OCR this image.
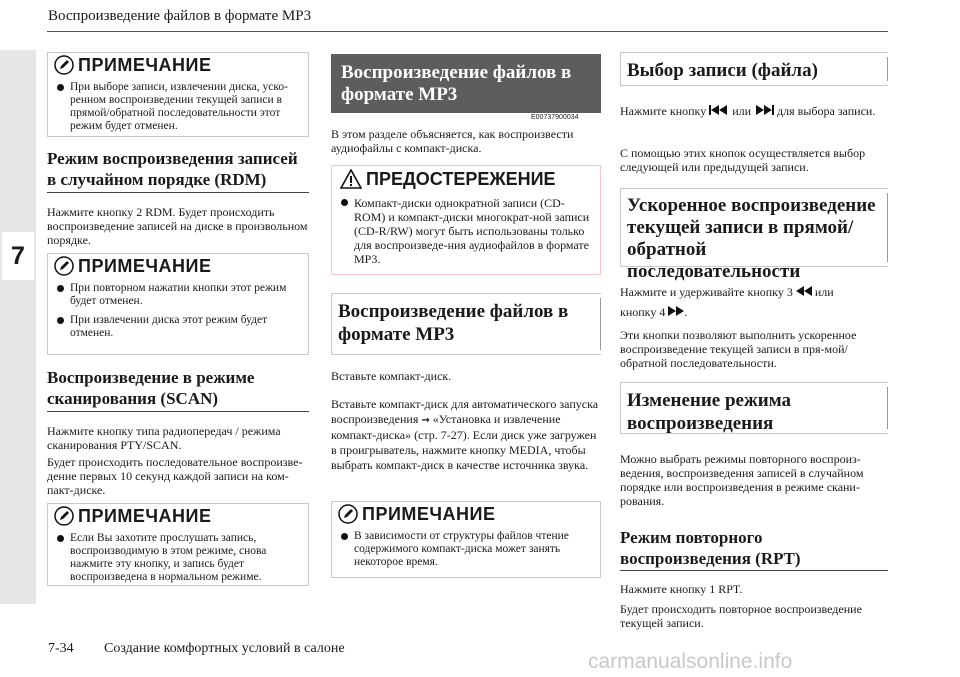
Воспроизведение файлов в формате MP3
7
ПРИМЕЧАНИЕ
При выборе записи, извлечении диска, уско-ренном воспроизведении текущей записи в прямой/обратной последовательности этот режим будет отменен.
Режим воспроизведения записей в случайном порядке (RDM)
Нажмите кнопку 2 RDM. Будет происходить воспроизведение записей на диске в произвольном порядке.
ПРИМЕЧАНИЕ
При повторном нажатии кнопки этот режим будет отменен.
При извлечении диска этот режим будет отменен.
Воспроизведение в режиме сканирования (SCAN)
Нажмите кнопку типа радиопередач / режима сканирования PTY/SCAN.
Будет происходить последовательное воспроизве-дение первых 10 секунд каждой записи на ком-пакт-диске.
ПРИМЕЧАНИЕ
Если Вы захотите прослушать запись, воспроизводимую в этом режиме, снова нажмите эту кнопку, и запись будет воспроизведена в нормальном режиме.
Воспроизведение файлов в формате MP3
E00737900034
В этом разделе объясняется, как воспроизвести аудиофайлы с компакт-диска.
ПРЕДОСТЕРЕЖЕНИЕ
Компакт-диски однократной записи (CD-ROM) и компакт-диски многократ-ной записи (CD-R/RW) могут быть использованы только для воспроизведе-ния аудиофайлов в формате MP3.
Воспроизведение файлов в формате MP3
Вставьте компакт-диск.
Вставьте компакт-диск для автоматического запуска воспроизведения → «Установка и извлечение компакт-диска» (стр. 7-27). Если диск уже загружен в проигрыватель, нажмите кнопку MEDIA, чтобы выбрать компакт-диск в качестве источника звука.
ПРИМЕЧАНИЕ
В зависимости от структуры файлов чтение содержимого компакт-диска может занять некоторое время.
Выбор записи (файла)
Нажмите кнопку или для выбора записи.
С помощью этих кнопок осуществляется выбор следующей или предыдущей записи.
Ускоренное воспроизведение текущей записи в прямой/ обратной последовательности
Нажмите и удерживайте кнопку 3 или
кнопку 4 .
Эти кнопки позволяют выполнить ускоренное воспроизведение текущей записи в пря-мой/обратной последовательности.
Изменение режима воспроизведения
Можно выбрать режимы повторного воспроиз-ведения, воспроизведения записей в случайном порядке или воспроизведения в режиме скани-рования.
Режим повторного воспроизведения (RPT)
Нажмите кнопку 1 RPT.
Будет происходить повторное воспроизведение текущей записи.
7-34 Создание комфортных условий в салоне
carmanualsonline.info
